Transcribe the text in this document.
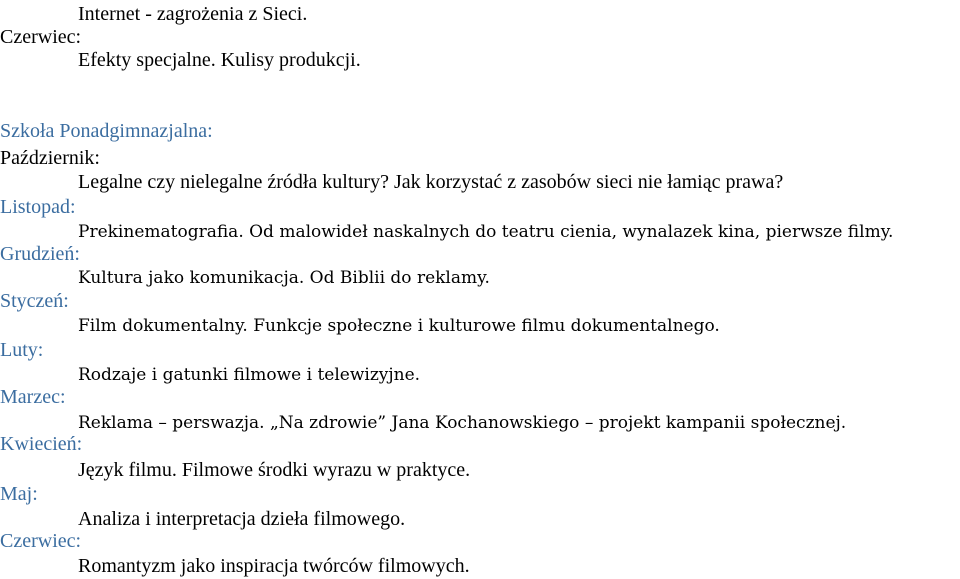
Internet - zagrożenia z Sieci.
Czerwiec:
Efekty specjalne. Kulisy produkcji.
Szkoła Ponadgimnazjalna:
Październik:
Legalne czy nielegalne źródła kultury? Jak korzystać z zasobów sieci nie łamiąc prawa?
Listopad:
Prekinematografia. Od malowideł naskalnych do teatru cienia, wynalazek kina, pierwsze filmy.
Grudzień:
Kultura jako komunikacja. Od Biblii do reklamy.
Styczeń:
Film dokumentalny. Funkcje społeczne i kulturowe filmu dokumentalnego.
Luty:
Rodzaje i gatunki filmowe i telewizyjne.
Marzec:
Reklama – perswazja. „Na zdrowie” Jana Kochanowskiego – projekt kampanii społecznej.
Kwiecień:
Język filmu. Filmowe środki wyrazu w praktyce.
Maj:
Analiza i interpretacja dzieła filmowego.
Czerwiec:
Romantyzm jako inspiracja twórców filmowych.
